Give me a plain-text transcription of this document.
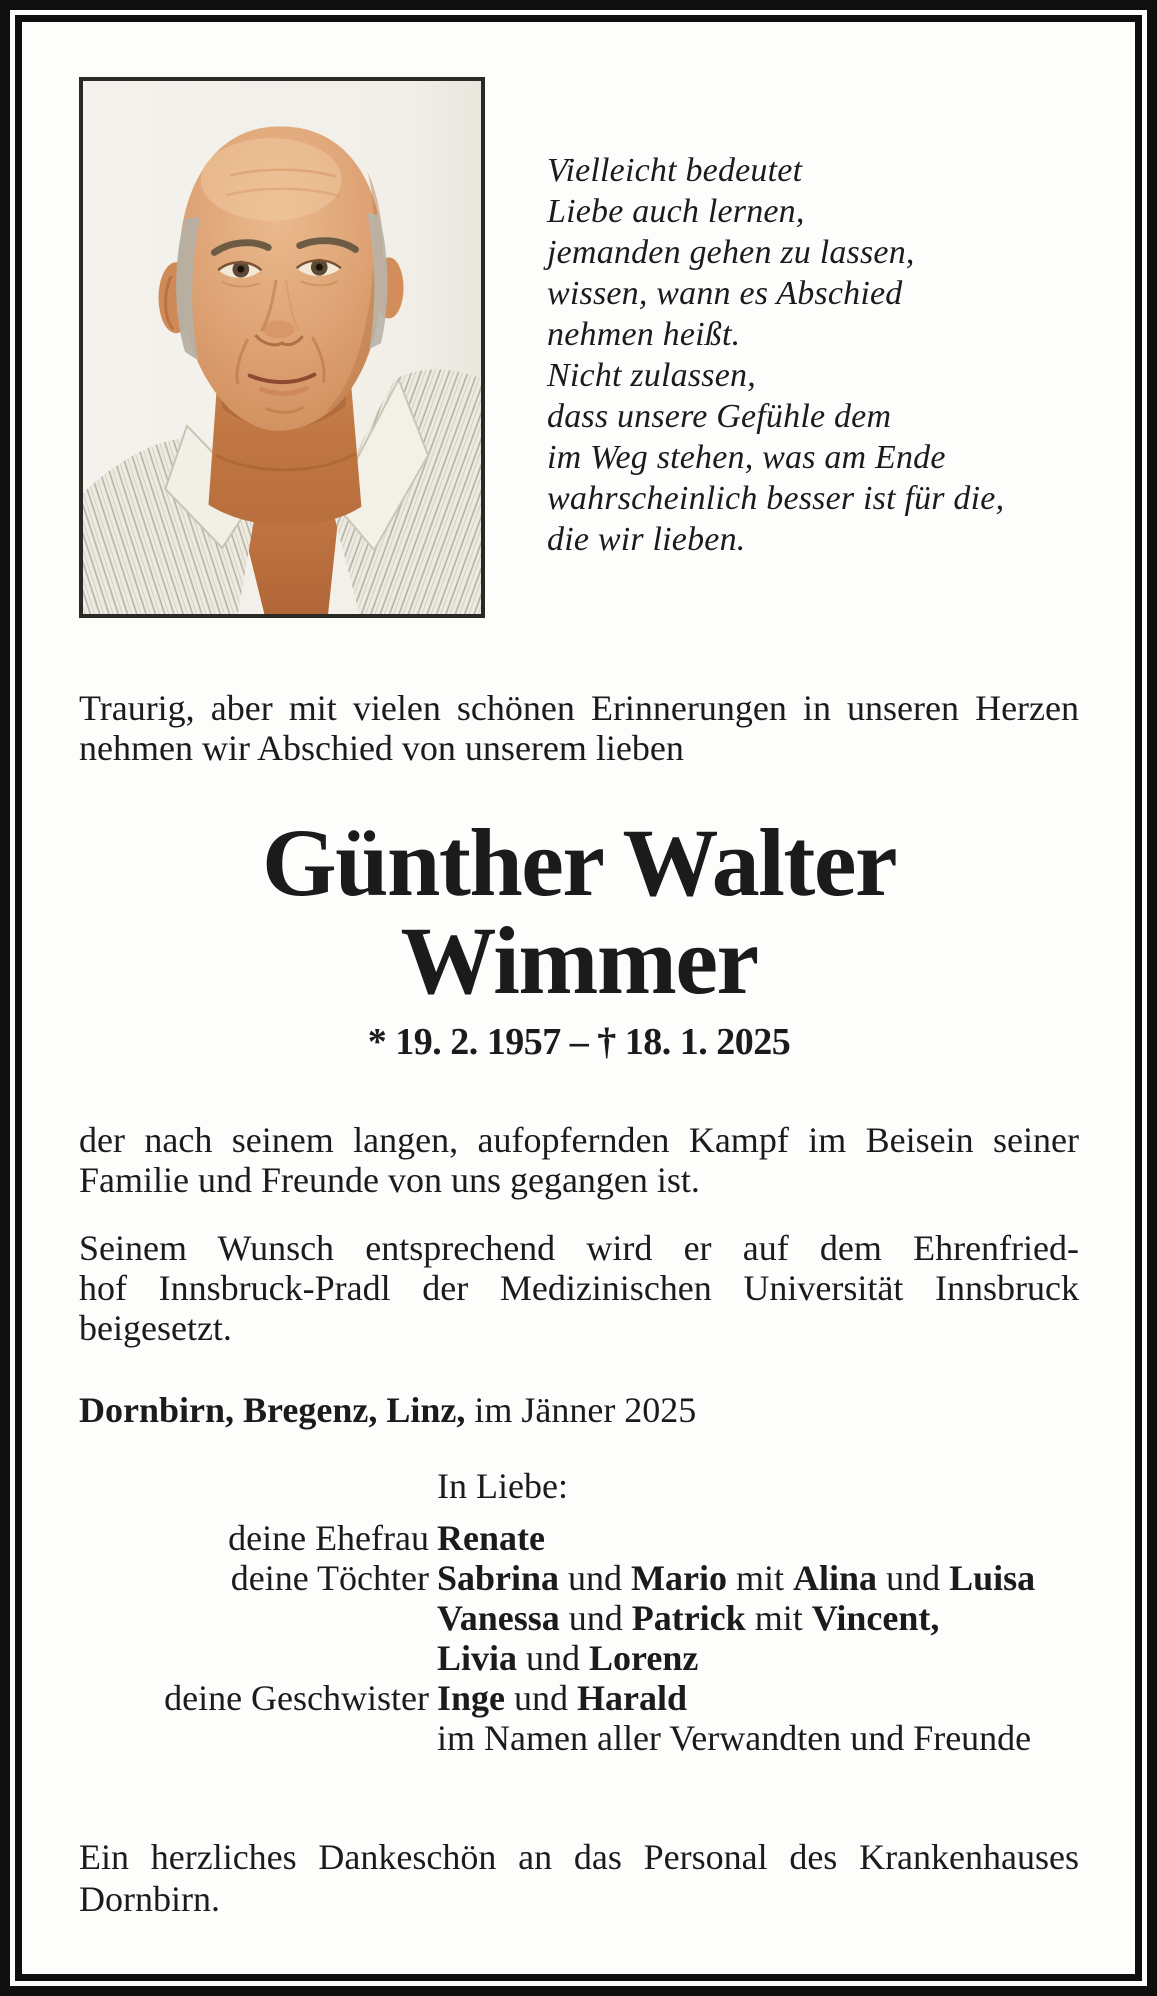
Vielleicht bedeutet
Liebe auch lernen,
jemanden gehen zu lassen,
wissen, wann es Abschied
nehmen heißt.
Nicht zulassen,
dass unsere Gefühle dem
im Weg stehen, was am Ende
wahrscheinlich besser ist für die,
die wir lieben.
Traurig, aber mit vielen schönen Erinnerungen in unseren Herzen
nehmen wir Abschied von unserem lieben
Günther Walter
Wimmer
* 19. 2. 1957 – † 18. 1. 2025
der nach seinem langen, aufopfernden Kampf im Beisein seiner
Familie und Freunde von uns gegangen ist.
Seinem Wunsch entsprechend wird er auf dem Ehrenfried-
hof Innsbruck-Pradl der Medizinischen Universität Innsbruck
beigesetzt.
Dornbirn, Bregenz, Linz, im Jänner 2025
In Liebe:
deine Ehefrau Renate
deine Töchter Sabrina und Mario mit Alina und Luisa
Vanessa und Patrick mit Vincent,
Livia und Lorenz
deine Geschwister Inge und Harald
im Namen aller Verwandten und Freunde
Ein herzliches Dankeschön an das Personal des Krankenhauses
Dornbirn.
